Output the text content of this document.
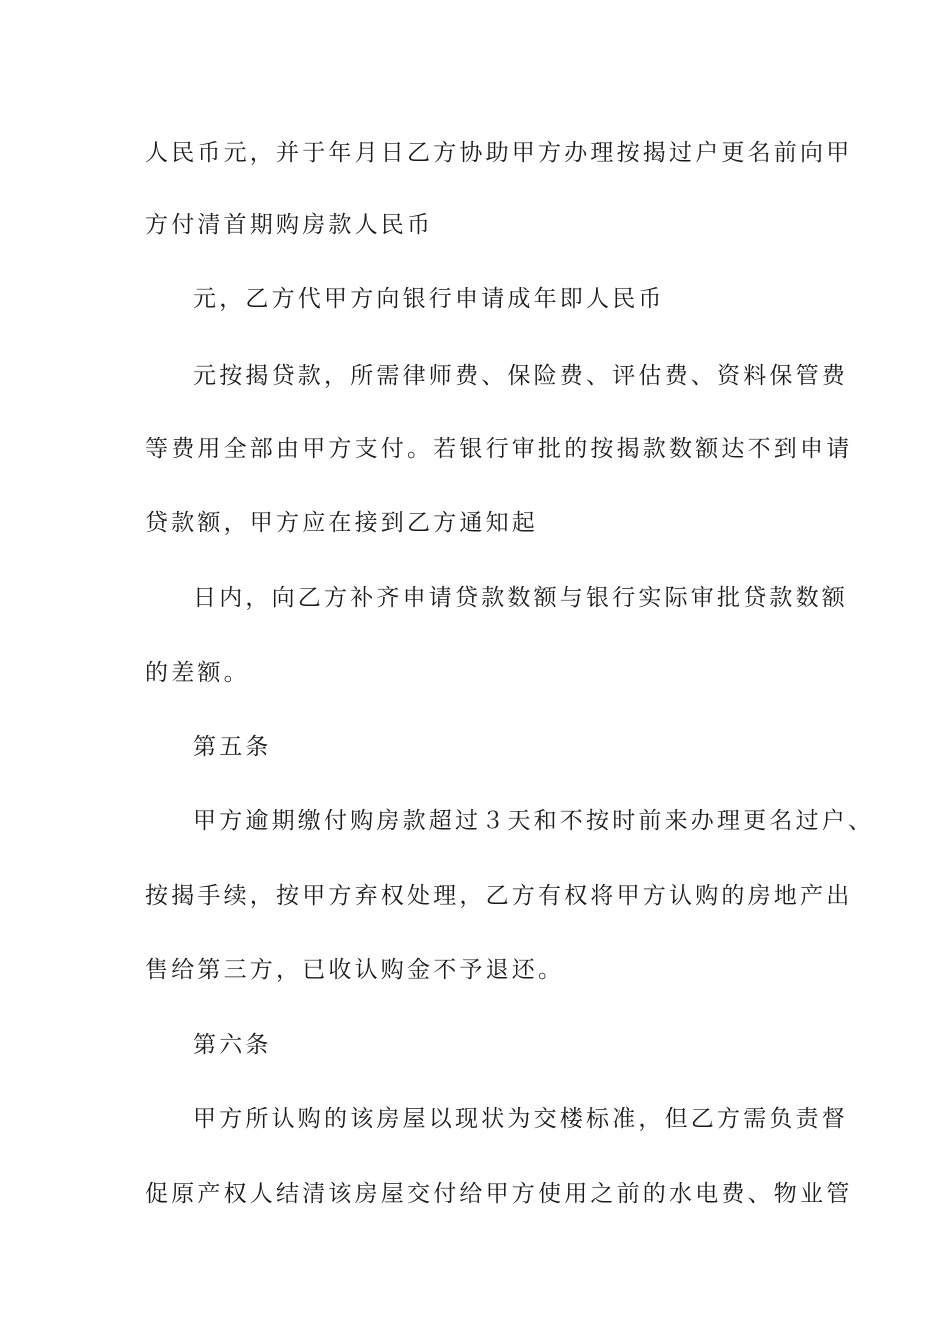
人民币元，并于年月日乙方协助甲方办理按揭过户更名前向甲
方付清首期购房款人民币
元，乙方代甲方向银行申请成年即人民币
元按揭贷款，所需律师费、保险费、评估费、资料保管费
等费用全部由甲方支付。若银行审批的按揭款数额达不到申请
贷款额，甲方应在接到乙方通知起
日内，向乙方补齐申请贷款数额与银行实际审批贷款数额
的差额。
第五条
甲方逾期缴付购房款超过３天和不按时前来办理更名过户、
按揭手续，按甲方弃权处理，乙方有权将甲方认购的房地产出
售给第三方，已收认购金不予退还。
第六条
甲方所认购的该房屋以现状为交楼标准，但乙方需负责督
促原产权人结清该房屋交付给甲方使用之前的水电费、物业管
